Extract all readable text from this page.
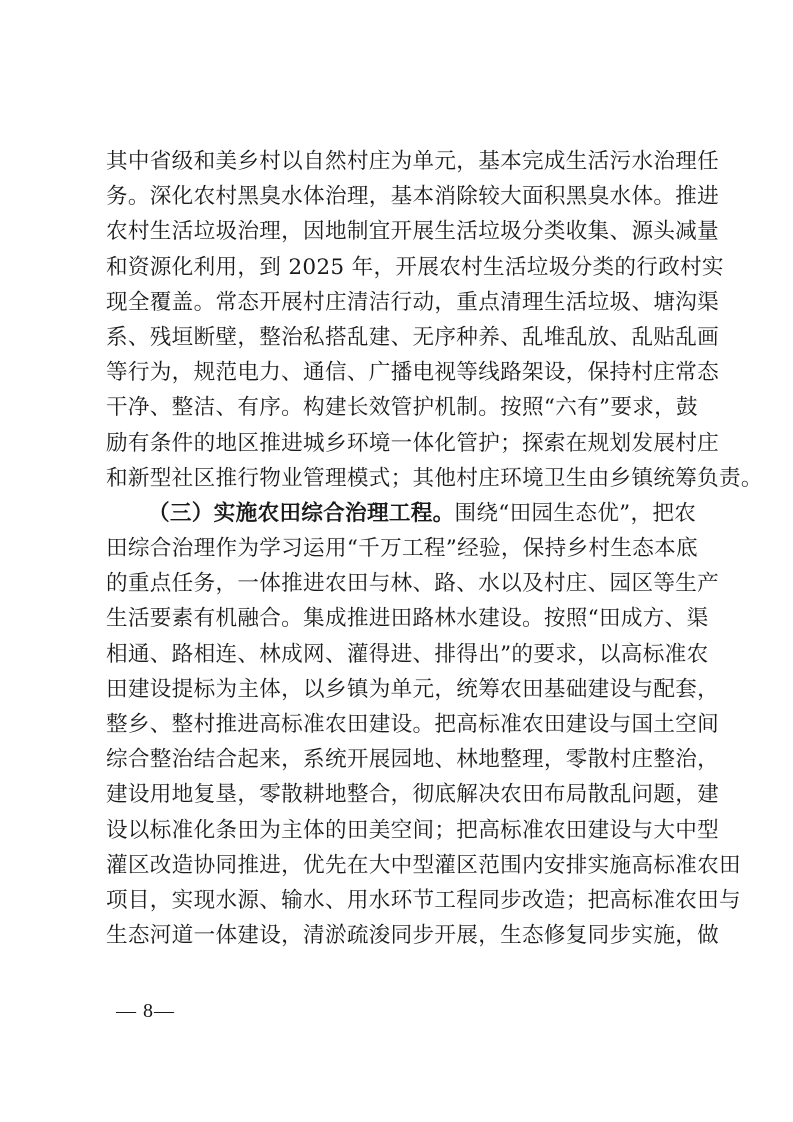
其中省级和美乡村以自然村庄为单元，基本完成生活污水治理任
务。深化农村黑臭水体治理，基本消除较大面积黑臭水体。推进
农村生活垃圾治理，因地制宜开展生活垃圾分类收集、源头减量
和资源化利用，到 2025 年，开展农村生活垃圾分类的行政村实
现全覆盖。常态开展村庄清洁行动，重点清理生活垃圾、塘沟渠
系、残垣断壁，整治私搭乱建、无序种养、乱堆乱放、乱贴乱画
等行为，规范电力、通信、广播电视等线路架设，保持村庄常态
干净、整洁、有序。构建长效管护机制。按照“六有”要求，鼓
励有条件的地区推进城乡环境一体化管护；探索在规划发展村庄
和新型社区推行物业管理模式；其他村庄环境卫生由乡镇统筹负责。
（三）实施农田综合治理工程。围绕“田园生态优”，把农
田综合治理作为学习运用“千万工程”经验，保持乡村生态本底
的重点任务，一体推进农田与林、路、水以及村庄、园区等生产
生活要素有机融合。集成推进田路林水建设。按照“田成方、渠
相通、路相连、林成网、灌得进、排得出”的要求，以高标准农
田建设提标为主体，以乡镇为单元，统筹农田基础建设与配套，
整乡、整村推进高标准农田建设。把高标准农田建设与国土空间
综合整治结合起来，系统开展园地、林地整理，零散村庄整治，
建设用地复垦，零散耕地整合，彻底解决农田布局散乱问题，建
设以标准化条田为主体的田美空间；把高标准农田建设与大中型
灌区改造协同推进，优先在大中型灌区范围内安排实施高标准农田
项目，实现水源、输水、用水环节工程同步改造；把高标准农田与
生态河道一体建设，清淤疏浚同步开展，生态修复同步实施，做
— 8—
